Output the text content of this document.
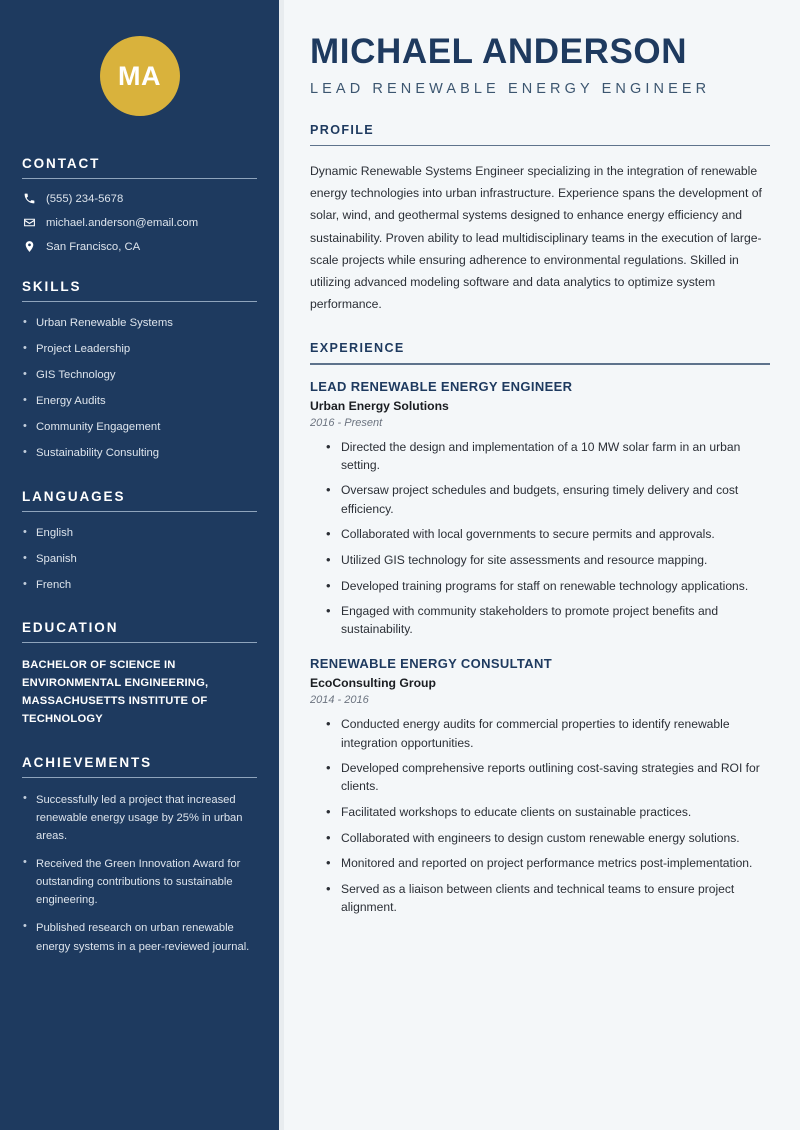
MA
CONTACT
(555) 234-5678
michael.anderson@email.com
San Francisco, CA
SKILLS
• Urban Renewable Systems
• Project Leadership
• GIS Technology
• Energy Audits
• Community Engagement
• Sustainability Consulting
LANGUAGES
• English
• Spanish
• French
EDUCATION
BACHELOR OF SCIENCE IN ENVIRONMENTAL ENGINEERING, MASSACHUSETTS INSTITUTE OF TECHNOLOGY
ACHIEVEMENTS
• Successfully led a project that increased renewable energy usage by 25% in urban areas.
• Received the Green Innovation Award for outstanding contributions to sustainable engineering.
• Published research on urban renewable energy systems in a peer-reviewed journal.
MICHAEL ANDERSON
LEAD RENEWABLE ENERGY ENGINEER
PROFILE

Dynamic Renewable Systems Engineer specializing in the integration of renewable energy technologies into urban infrastructure. Experience spans the development of solar, wind, and geothermal systems designed to enhance energy efficiency and sustainability. Proven ability to lead multidisciplinary teams in the execution of large-scale projects while ensuring adherence to environmental regulations. Skilled in utilizing advanced modeling software and data analytics to optimize system performance.

EXPERIENCE
LEAD RENEWABLE ENERGY ENGINEER
Urban Energy Solutions
2016 - Present
• Directed the design and implementation of a 10 MW solar farm in an urban setting.
• Oversaw project schedules and budgets, ensuring timely delivery and cost efficiency.
• Collaborated with local governments to secure permits and approvals.
• Utilized GIS technology for site assessments and resource mapping.
• Developed training programs for staff on renewable technology applications.
• Engaged with community stakeholders to promote project benefits and sustainability.
RENEWABLE ENERGY CONSULTANT
EcoConsulting Group
2014 - 2016
• Conducted energy audits for commercial properties to identify renewable integration opportunities.
• Developed comprehensive reports outlining cost-saving strategies and ROI for clients.
• Facilitated workshops to educate clients on sustainable practices.
• Collaborated with engineers to design custom renewable energy solutions.
• Monitored and reported on project performance metrics post-implementation.
• Served as a liaison between clients and technical teams to ensure project alignment.
